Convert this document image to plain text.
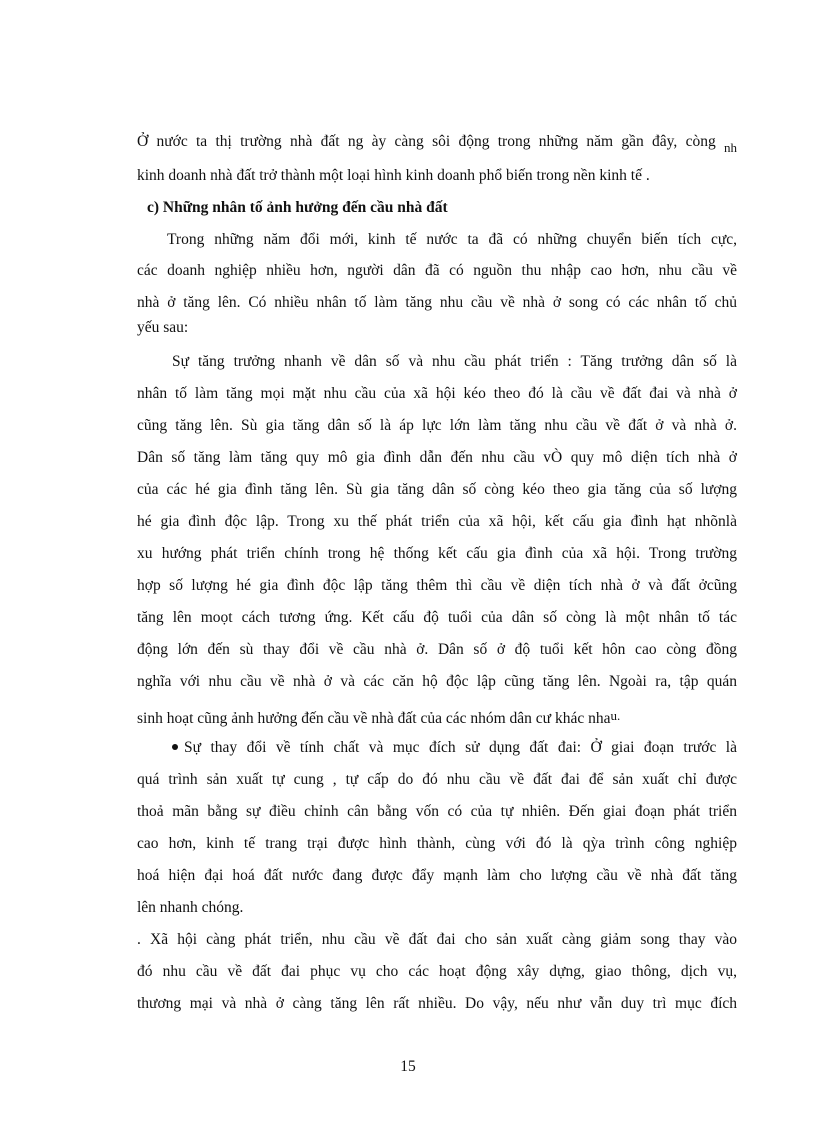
Ở nước ta thị trường nhà đất ng ày càng sôi động trong những năm gần đây, còng $_{nh}$
kinh doanh nhà đất trở thành một loại hình kinh doanh phổ biến trong nền kinh tế .
c) Những nhân tố ảnh hưởng đến cầu nhà đất
Trong những năm đổi mới, kinh tế nước ta đã có những chuyển biến tích cực,
các doanh nghiệp nhiều hơn, người dân đã có nguồn thu nhập cao hơn, nhu cầu về
nhà ở tăng lên. Có nhiều nhân tố làm tăng nhu cầu về nhà ở song có các nhân tố chủ
yếu sau:
Sự tăng trưởng nhanh về dân số và nhu cầu phát triển : Tăng trưởng dân số là
nhân tố làm tăng mọi mặt nhu cầu của xã hội kéo theo đó là cầu về đất đai và nhà ở
cũng tăng lên. Sù gia tăng dân số là áp lực lớn làm tăng nhu cầu về đất ở và nhà ở.
Dân số tăng làm tăng quy mô gia đình dẫn đến nhu cầu vÒ quy mô diện tích nhà ở
của các hé gia đình tăng lên. Sù gia tăng dân số còng kéo theo gia tăng của số lượng
hé gia đình độc lập. Trong xu thế phát triển của xã hội, kết cấu gia đình hạt nhõnlà
xu hướng phát triển chính trong hệ thống kết cấu gia đình của xã hội. Trong trường
hợp số lượng hé gia đình độc lập tăng thêm thì cầu về diện tích nhà ở và đất ởcũng
tăng lên moọt cách tương ứng. Kết cấu độ tuổi của dân số còng là một nhân tố tác
động lớn đến sù thay đổi về cầu nhà ở. Dân số ở độ tuổi kết hôn cao còng đồng
nghĩa với nhu cầu về nhà ở và các căn hộ độc lập cũng tăng lên. Ngoài ra, tập quán
sinh hoạt cũng ảnh hưởng đến cầu về nhà đất của các nhóm dân cư khác nhau.
Sự thay đổi về tính chất và mục đích sử dụng đất đai: Ở giai đoạn trước là
quá trình sản xuất tự cung , tự cấp do đó nhu cầu về đất đai để sản xuất chỉ được
thoả mãn bằng sự điều chỉnh cân bằng vốn có của tự nhiên. Đến giai đoạn phát triển
cao hơn, kinh tế trang trại được hình thành, cùng với đó là qỳa trình công nghiệp
hoá hiện đại hoá đất nước đang được đẩy mạnh làm cho lượng cầu về nhà đất tăng
lên nhanh chóng.
. Xã hội càng phát triển, nhu cầu về đất đai cho sản xuất càng giảm song thay vào
đó nhu cầu về đất đai phục vụ cho các hoạt động xây dựng, giao thông, dịch vụ,
thương mại và nhà ở càng tăng lên rất nhiều. Do vậy, nếu như vẫn duy trì mục đích
15
